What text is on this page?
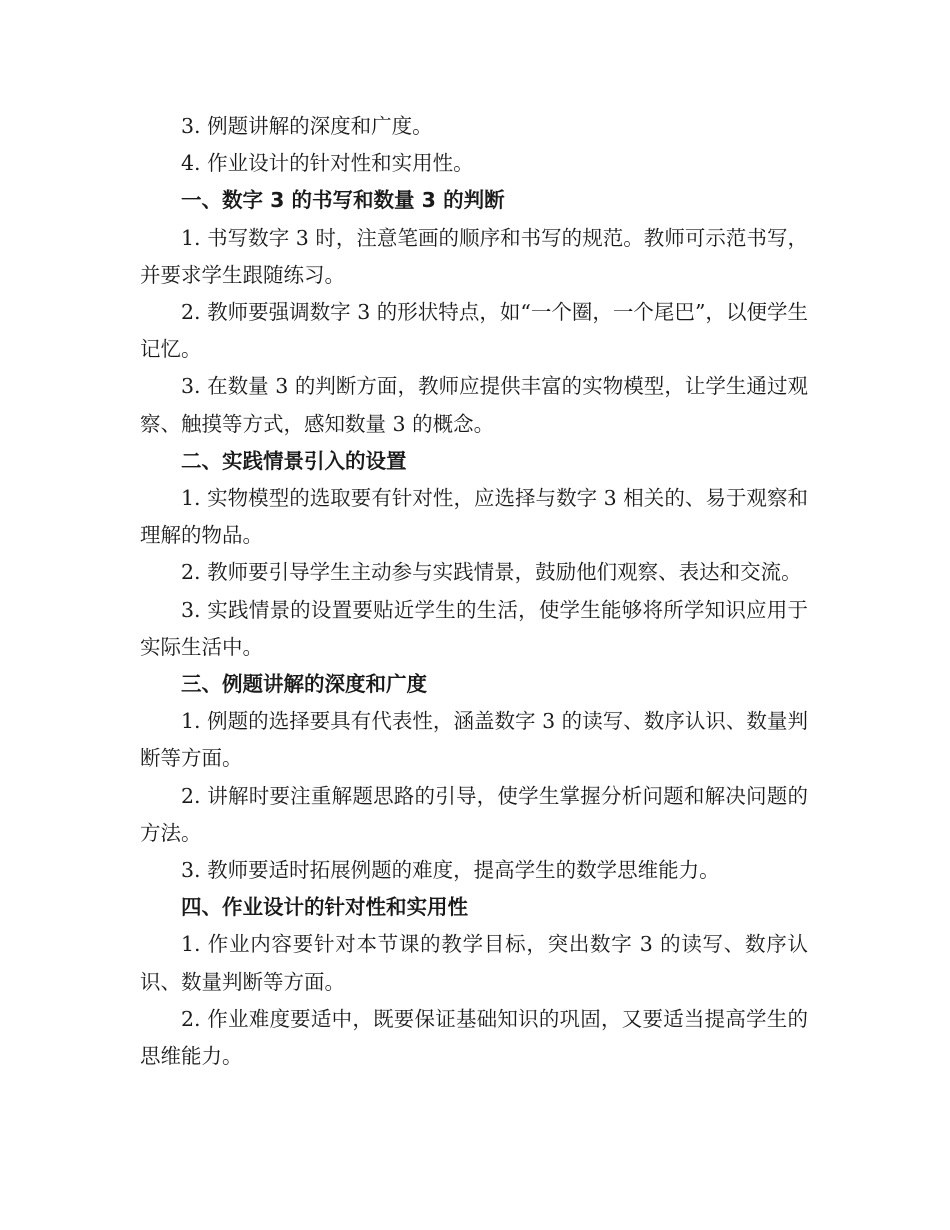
3. 例题讲解的深度和广度。

4. 作业设计的针对性和实用性。

一、数字 3 的书写和数量 3 的判断

1. 书写数字 3 时，注意笔画的顺序和书写的规范。教师可示范书写，并要求学生跟随练习。

2. 教师要强调数字 3 的形状特点，如“一个圈，一个尾巴”，以便学生记忆。

3. 在数量 3 的判断方面，教师应提供丰富的实物模型，让学生通过观察、触摸等方式，感知数量 3 的概念。

二、实践情景引入的设置

1. 实物模型的选取要有针对性，应选择与数字 3 相关的、易于观察和理解的物品。

2. 教师要引导学生主动参与实践情景，鼓励他们观察、表达和交流。

3. 实践情景的设置要贴近学生的生活，使学生能够将所学知识应用于实际生活中。

三、例题讲解的深度和广度

1. 例题的选择要具有代表性，涵盖数字 3 的读写、数序认识、数量判断等方面。

2. 讲解时要注重解题思路的引导，使学生掌握分析问题和解决问题的方法。

3. 教师要适时拓展例题的难度，提高学生的数学思维能力。

四、作业设计的针对性和实用性

1. 作业内容要针对本节课的教学目标，突出数字 3 的读写、数序认识、数量判断等方面。

2. 作业难度要适中，既要保证基础知识的巩固，又要适当提高学生的思维能力。
